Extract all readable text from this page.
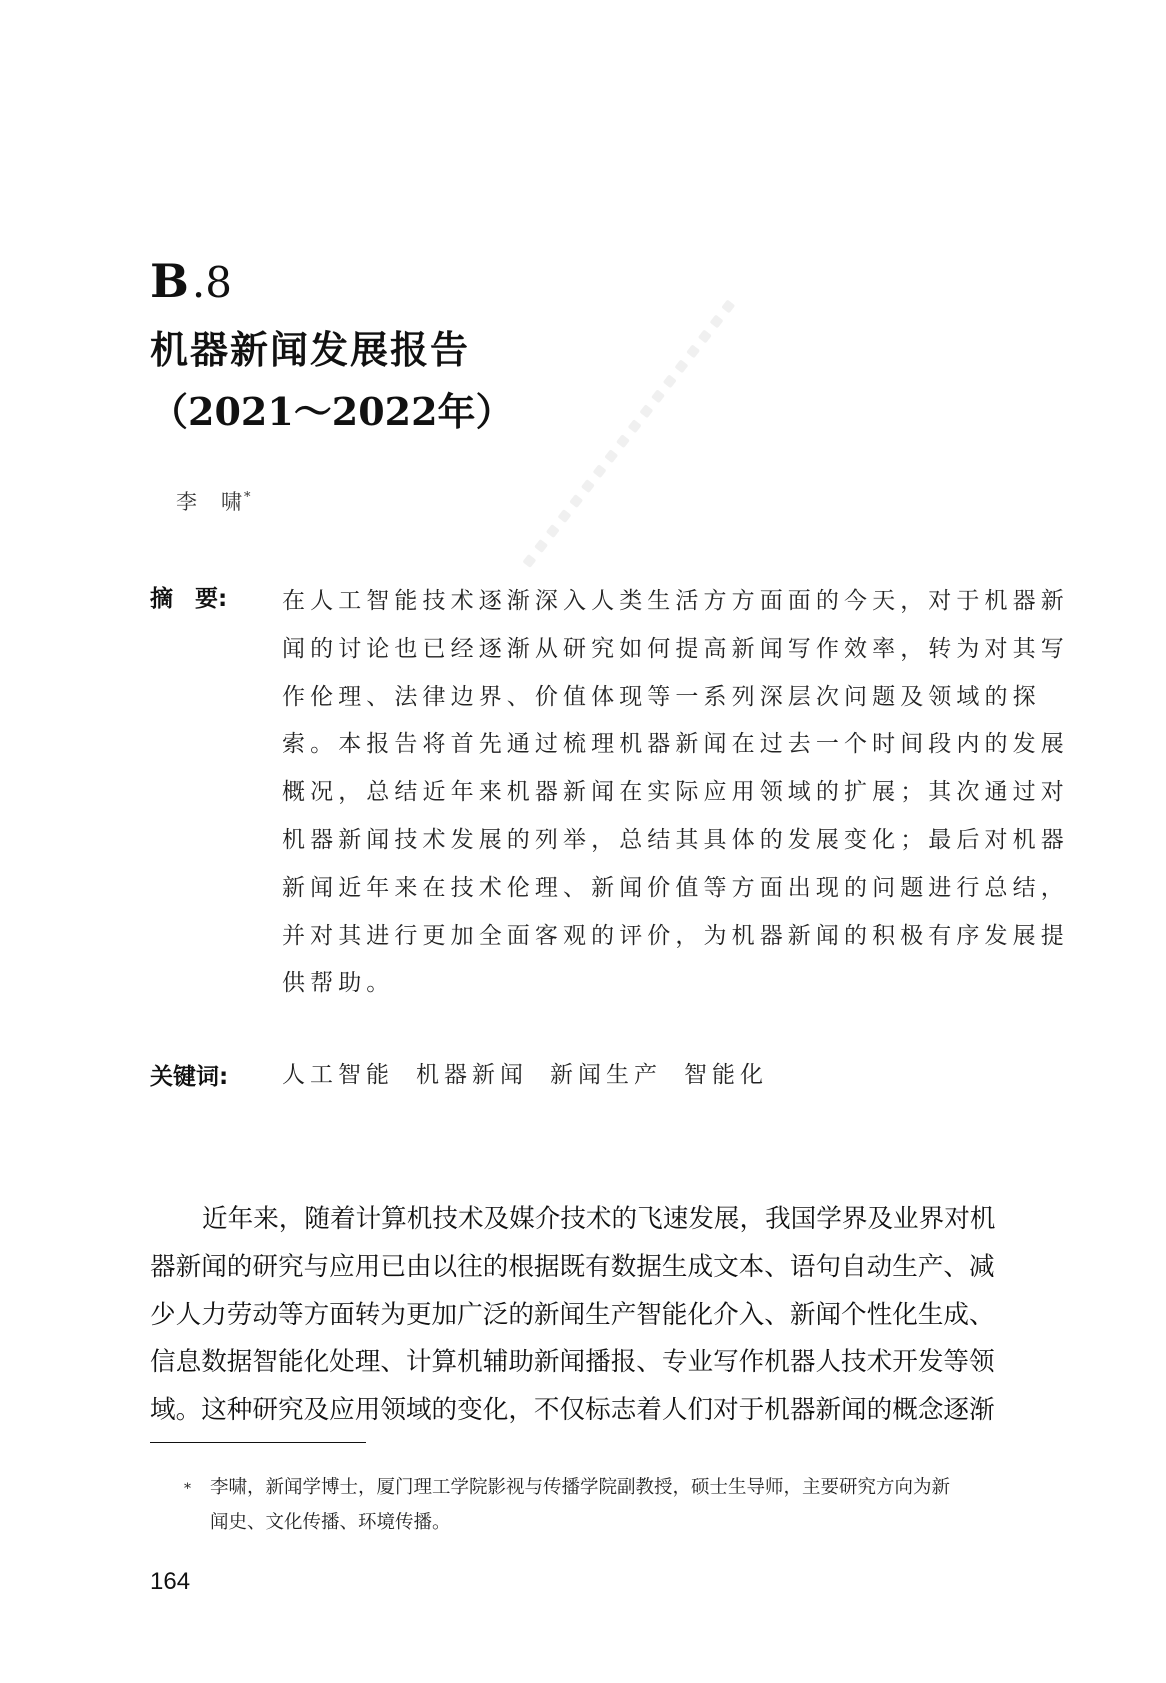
B .8
机器新闻发展报告
（2021～2022年）
李 啸 *
摘 要: 在人工智能技术逐渐深入人类生活方方面面的今天，对于机器新
闻的讨论也已经逐渐从研究如何提高新闻写作效率，转为对其写
作伦理、法律边界、价值体现等一系列深层次问题及领域的探
索。本报告将首先通过梳理机器新闻在过去一个时间段内的发展
概况，总结近年来机器新闻在实际应用领域的扩展；其次通过对
机器新闻技术发展的列举，总结其具体的发展变化；最后对机器
新闻近年来在技术伦理、新闻价值等方面出现的问题进行总结，
并对其进行更加全面客观的评价，为机器新闻的积极有序发展提
供帮助。
关键词: 人工智能 机器新闻 新闻生产 智能化
近年来，随着计算机技术及媒介技术的飞速发展，我国学界及业界对机
器新闻的研究与应用已由以往的根据既有数据生成文本、语句自动生产、减
少人力劳动等方面转为更加广泛的新闻生产智能化介入、新闻个性化生成、
信息数据智能化处理、计算机辅助新闻播报、专业写作机器人技术开发等领
域。这种研究及应用领域的变化，不仅标志着人们对于机器新闻的概念逐渐
* 李啸，新闻学博士，厦门理工学院影视与传播学院副教授，硕士生导师，主要研究方向为新
闻史、文化传播、环境传播。
164
